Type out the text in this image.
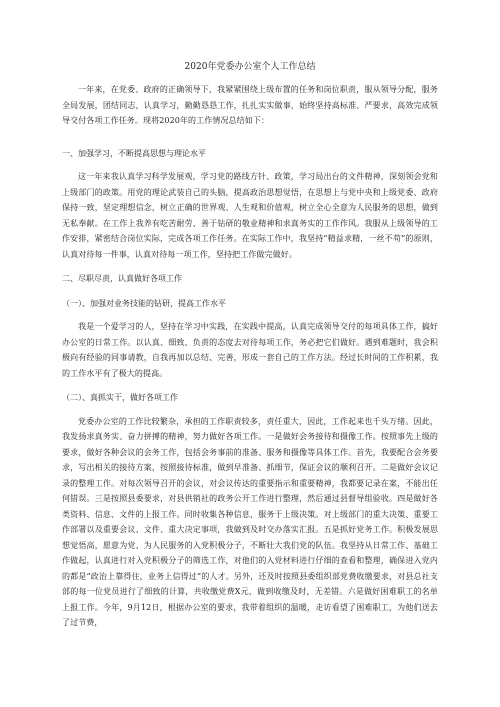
2020年党委办公室个人工作总结

一年来，在党委、政府的正确领导下，我紧紧围绕上级布置的任务和岗位职责，服从领导分配，服务全局发展，团结同志，认真学习，勤勤恳恳工作，扎扎实实做事，始终坚持高标准、严要求，高效完成领导交付各项工作任务。现将2020年的工作情况总结如下：

一、加强学习，不断提高思想与理论水平

这一年来我认真学习科学发展观，学习党的路线方针、政策，学习局出台的文件精神，深刻领会党和上级部门的政策。用党的理论武装自己的头脑，提高政治思想觉悟，在思想上与党中央和上级党委、政府保持一致，坚定理想信念，树立正确的世界观、人生观和价值观，树立全心全意为人民服务的思想，做到无私奉献。在工作上我养有吃苦耐劳、善于钻研的敬业精神和求真务实的工作作风。我服从上级领导的工作安排，紧密结合岗位实际，完成各项工作任务。在实际工作中，我坚持“精益求精，一丝不苟”的原则，认真对待每一件事，认真对待每一项工作，坚持把工作做完做好。

二、尽职尽责，认真做好各项工作

（一）、加强对业务技能的钻研，提高工作水平

我是一个爱学习的人，坚持在学习中实践，在实践中提高，认真完成领导交付的每项具体工作，搞好办公室的日常工作。以认真、细致、负责的态度去对待每项工作，务必把它们做好。遇到难题时，我会积极向有经验的同事请教，自我再加以总结、完善，形成一套自己的工作方法。经过长时间的工作积累，我的工作水平有了极大的提高。

（二）、真抓实干，做好各项工作

党委办公室的工作比较繁杂，承担的工作职责较多，责任重大，因此，工作起来也千头万绪。因此，我发扬求真务实、奋力拼搏的精神，努力做好各项工作。一是做好会务接待和摄像工作。按照事先上级的要求，做好各种会议的会务工作，包括会务事前的准备、服务和摄像等具体工作。首先，我要配合会务要求，写出相关的接待方案，按照接待标准，做到早准备、抓细节，保证会议的顺利召开。二是做好会议记录的整理工作。对每次领导召开的会议，对会议传达的重要指示和重要精神，我都要记录在案，不能出任何错误。三是按照县委要求，对县供销社的政务公开工作进行整理，然后通过县督导组验收。四是做好各类资料、信息、文件的上报工作。同时收集各种信息，服务于上级决策。对上级部门的重大决策、重要工作部署以及重要会议、文件、重大决定事项，我做到及时交办落实汇报。五是抓好党务工作。积极发展思想觉悟高，愿意为党、为人民服务的入党积极分子，不断壮大我们党的队伍。我坚持从日常工作、基础工作做起，认真进行对入党积极分子的筛选工作，对他们的入党材料进行仔细的查看和整理，确保进入党内的都是“政治上靠得住，业务上信得过”的人才。另外，还及时按照县委组织部党费收缴要求，对县总社支部的每一位党员进行了细致的计算，共收缴党费X元，做到收缴及时，无差错。六是做好困难职工的名单上报工作。今年，9月12日，根据办公室的要求，我带着组织的温暖，走访看望了困难职工，为他们送去了过节费，
